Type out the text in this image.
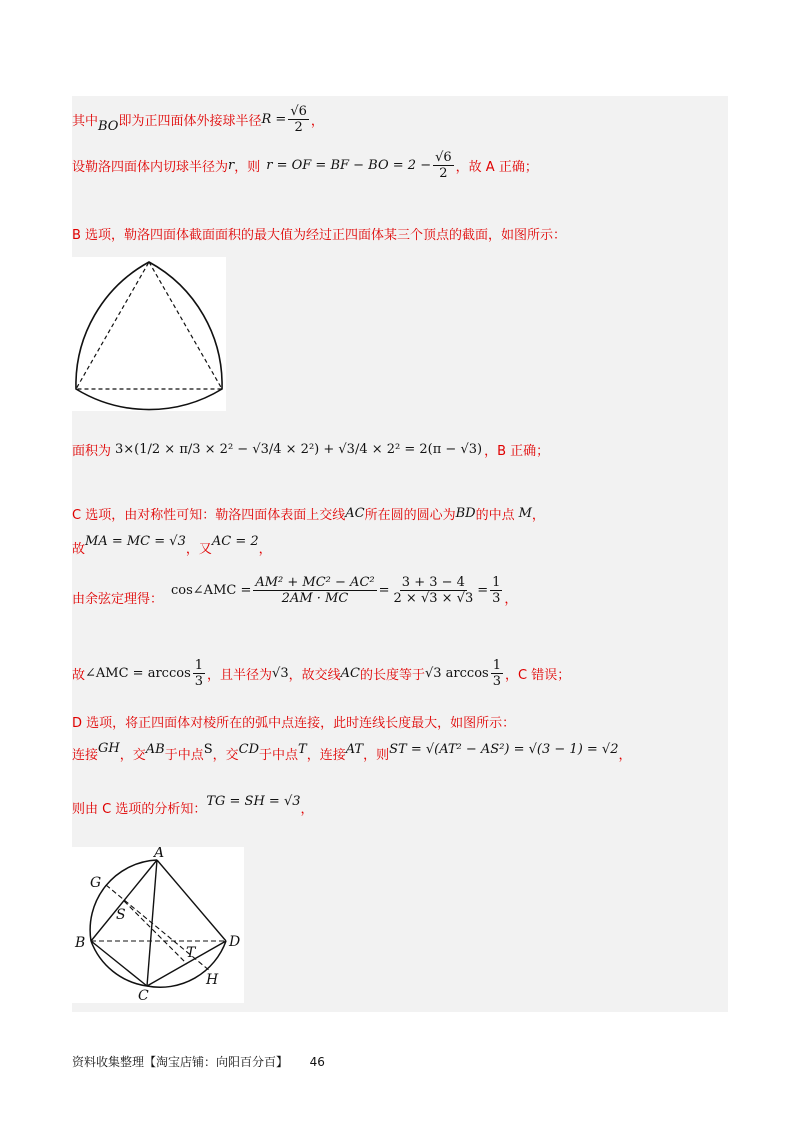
其中 BO 即为正四面体外接球半径 $R = \frac{√6}{2}$ ，
设勒洛四面体内切球半径为 r ，则 r = OF = BF − BO = $2 - \frac{√6}{2}$ ，故 A 正确；
B 选项，勒洛四面体截面面积的最大值为经过正四面体某三个顶点的截面，如图所示：
面积为 3×(1/2 × π/3 × 2² − √3/4 × 2²) + √3/4 × 2² = 2(π − √3) ，B 正确；
C 选项，由对称性可知：勒洛四面体表面上交线 AC 所在圆的圆心为 BD 的中点 M ，
故
MA = MC = √3
，又
AC = 2
，
由余弦定理得：
cos∠AMC = $\frac{\text{AM² + MC² − AC²}}{2AM \cdot MC} = \frac{3 + 3 - 4}{2 \times √3 \times √3} = \frac{1}{3}$ ，
故 ∠AMC = $\arccos \frac{1}{3}$ ，且半径为 √3 ，故交线 AC 的长度等于 √3 $\arccos \frac{1}{3}$ ，C 错误；
D 选项，将正四面体对棱所在的弧中点连接，此时连线长度最大，如图所示：
连接 GH ，交 AB 于中点 S ，交 CD 于中点 T ，连接 AT ，则 ST = √(AT² − AS²) = √(3 − 1) = √2 ，
则由 C 选项的分析知：
TG = SH = √3
，
A
G
S
B	D
T
H
C
资料收集整理【淘宝店铺：向阳百分百】 46
